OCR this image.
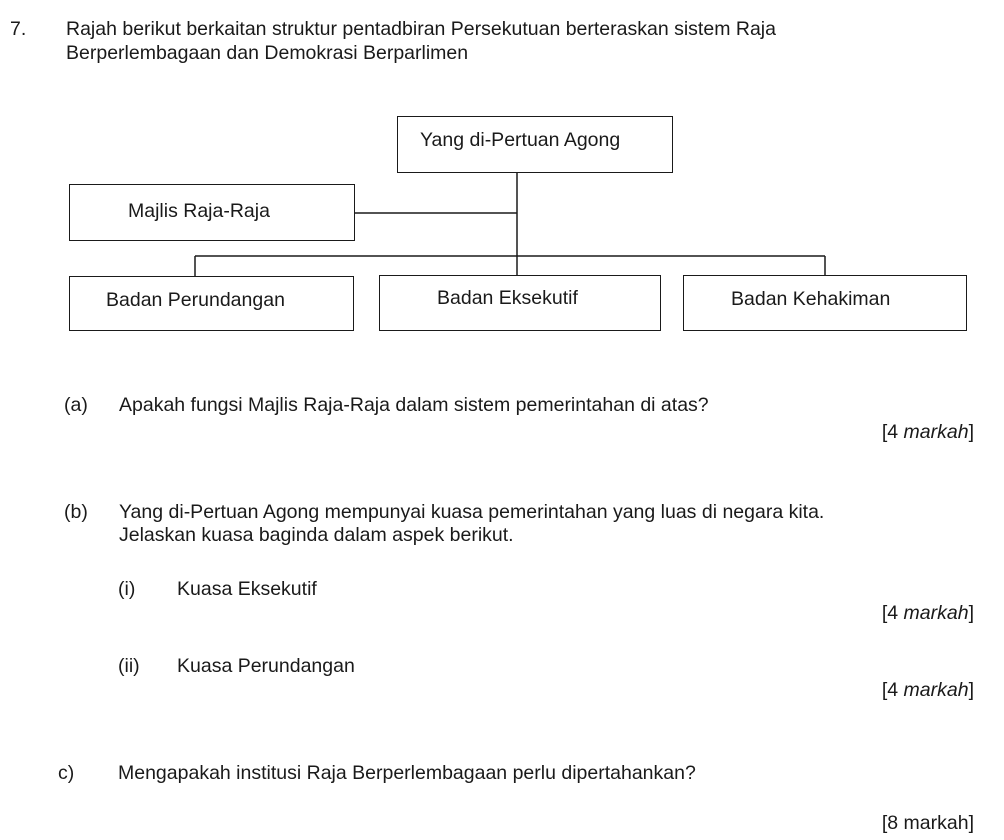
7. Rajah berikut berkaitan struktur pentadbiran Persekutuan berteraskan sistem Raja
Berperlembagaan dan Demokrasi Berparlimen
Yang di-Pertuan Agong
Majlis Raja-Raja
Badan Perundangan	Badan Eksekutif	Badan Kehakiman
(a) Apakah fungsi Majlis Raja-Raja dalam sistem pemerintahan di atas?
[4 markah]
(b) Yang di-Pertuan Agong mempunyai kuasa pemerintahan yang luas di negara kita.
Jelaskan kuasa baginda dalam aspek berikut.
(i) Kuasa Eksekutif
[4 markah]
(ii) Kuasa Perundangan
[4 markah]
c) Mengapakah institusi Raja Berperlembagaan perlu dipertahankan?
[8 markah]
